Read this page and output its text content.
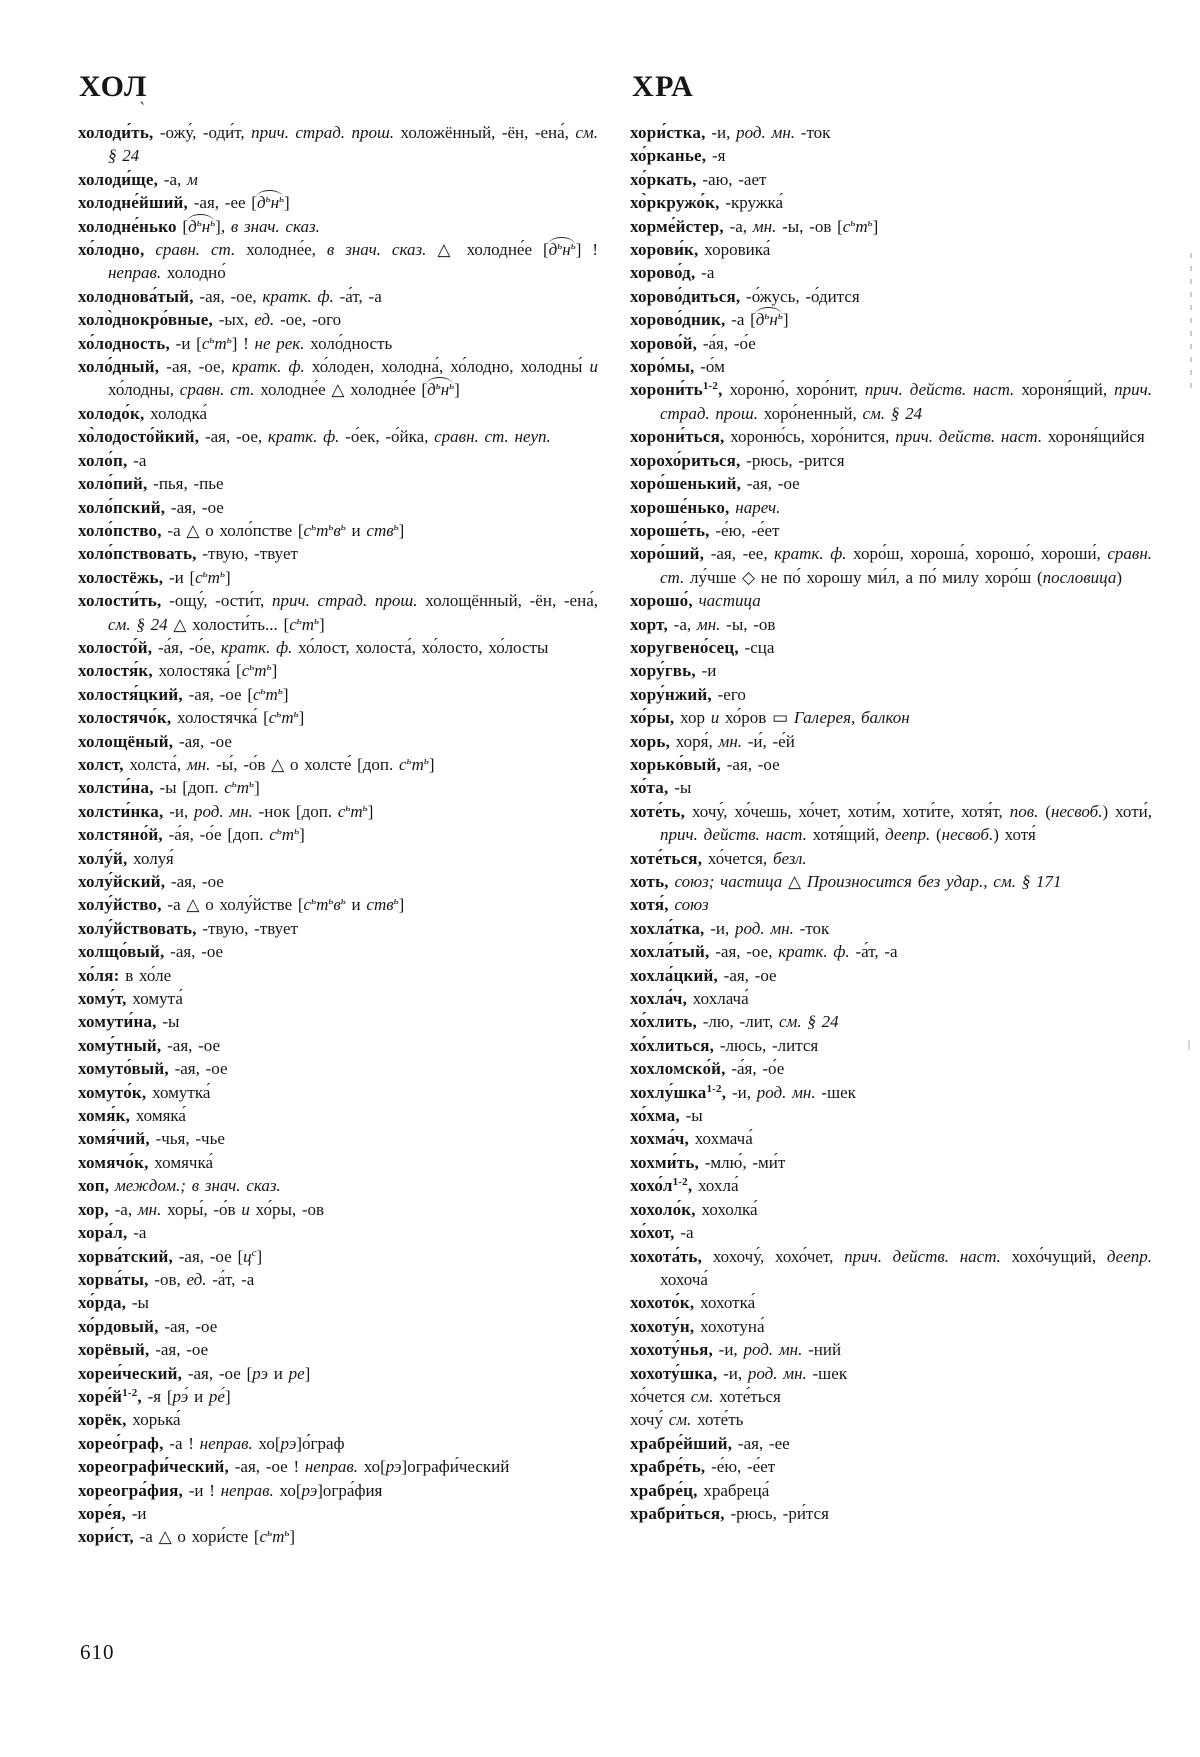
ХОЛ	ХРА
`

холоди́ть, -ожу́, -оди́т, прич. страд. прош. холожённый, -ён, -ена́, см. § 24

холоди́ще, -а, м

холодне́йший, -ая, -ее $[д^ьн^ь]$

холодне́нько $[д^ьн^ь]$, в знач. сказ.

хо́лодно, сравн. ст. холодне́е, в знач. сказ. △ холодне́е $[д^ьн^ь]$ ! неправ. холодно́

холоднова́тый, -ая, -ое, кратк. ф. -а́т, -а

холо̀днокро́вные, -ых, ед. -ое, -ого

хо́лодность, -и $[с^ьт^ь]$ ! не рек. холо́дность

холо́дный, -ая, -ое, кратк. ф. хо́лоден, холодна́, хо́лодно, холодны́ и хо́лодны, сравн. ст. холодне́е △ холодне́е $[д^ьн^ь]$

холодо́к, холодка́

хо̀лодосто́йкий, -ая, -ое, кратк. ф. -о́ек, -о́йка, сравн. ст. неуп.

холо́п, -а

холо́пий, -пья, -пье

холо́пский, -ая, -ое

холо́пство, -а △ о холо́пстве [$с^ьт^ьв^ь$ и ств$^ь$]

холо́пствовать, -твую, -твует

холостёжь, -и $[с^ьт^ь]$

холости́ть, -ощу́, -ости́т, прич. страд. прош. холощённый, -ён, -ена́, см. § 24 △ холости́ть... $[с^ьт^ь]$

холосто́й, -а́я, -о́е, кратк. ф. хо́лост, холоста́, хо́лосто, хо́лосты

холостя́к, холостяка́ $[с^ьт^ь]$

холостя́цкий, -ая, -ое $[с^ьт^ь]$

холостячо́к, холостячка́ $[с^ьт^ь]$

холощёный, -ая, -ое

холст, холста́, мн. -ы́, -о́в △ о холсте́ [доп. $с^ьт^ь$]

холсти́на, -ы [доп. $с^ьт^ь$]

холсти́нка, -и, род. мн. -нок [доп. $с^ьт^ь$]

холстяно́й, -а́я, -о́е [доп. $с^ьт^ь$]

холу́й, холуя́

холу́йский, -ая, -ое

холу́йство, -а △ о холу́йстве [$с^ьт^ьв^ь$ и ств$^ь$]

холу́йствовать, -твую, -твует

холщо́вый, -ая, -ое

хо́ля: в хо́ле

хому́т, хомута́

хомути́на, -ы

хому́тный, -ая, -ое

хомуто́вый, -ая, -ое

хомуто́к, хомутка́

хомя́к, хомяка́

хомя́чий, -чья, -чье

хомячо́к, хомячка́

хоп, междом.; в знач. сказ.

хор, -а, мн. хоры́, -о́в и хо́ры, -ов

хора́л, -а

хорва́тский, -ая, -ое $[ц^с]$

хорва́ты, -ов, ед. -а́т, -а

хо́рда, -ы

хо́рдовый, -ая, -ое

хорёвый, -ая, -ое

хореи́ческий, -ая, -ое [рэ и ре]

$хоре́й^{1-2}$, -я [рэ́ и ре́]

хорёк, хорька́

хорео́граф, -а ! неправ. хо[рэ]о́граф

хореографи́ческий, -ая, -ое ! неправ. хо[рэ]ографи́ческий

хореогра́фия, -и ! неправ. хо[рэ]огра́фия

хоре́я, -и

хори́ст, -а △ о хори́сте $[с^ьт^ь]$

хори́стка, -и, род. мн. -ток

хо́рканье, -я

хо́ркать, -аю, -ает

хо̀ркружо́к, -кружка́

хорме́йстер, -а, мн. -ы, -ов $[с^ьт^ь]$

хорови́к, хоровика́

хорово́д, -а

хорово́диться, -о́жусь, -о́дится

хорово́дник, -а $[д^ьн^ь]$

хорово́й, -а́я, -о́е

хоро́мы, -о́м

$хорони́ть^{1-2}$, хороню́, хоро́нит, прич. действ. наст. хороня́щий, прич. страд. прош. хоро́ненный, см. § 24

хорони́ться, хороню́сь, хоро́нится, прич. действ. наст. хороня́щийся

хорохо́риться, -рюсь, -рится

хоро́шенький, -ая, -ое

хороше́нько, нареч.

хороше́ть, -е́ю, -е́ет

хоро́ший, -ая, -ее, кратк. ф. хоро́ш, хороша́, хорошо́, хороши́, сравн. ст. лу́чше ◇ не по́ хорошу ми́л, а по́ милу хоро́ш (пословица)

хорошо́, частица

хорт, -а, мн. -ы, -ов

хоругвено́сец, -сца

хору́гвь, -и

хору́нжий, -его

хо́ры, хор и хо́ров ▭ Галерея, балкон

хорь, хоря́, мн. -и́, -е́й

хорько́вый, -ая, -ое

хо́та, -ы

хоте́ть, хочу́, хо́чешь, хо́чет, хоти́м, хоти́те, хотя́т, пов. (несвоб.) хоти́, прич. действ. наст. хотя́щий, деепр. (несвоб.) хотя́

хоте́ться, хо́чется, безл.

хоть, союз; частица △ Произносится без удар., см. § 171

хотя́, союз

хохла́тка, -и, род. мн. -ток

хохла́тый, -ая, -ое, кратк. ф. -а́т, -а

хохла́цкий, -ая, -ое

хохла́ч, хохлача́

хо́хлить, -лю, -лит, см. § 24

хо́хлиться, -люсь, -лится

хохломско́й, -а́я, -о́е

хохлу́шка$^{1-2}$, -и, род. мн. -шек

хо́хма, -ы

хохма́ч, хохмача́

хохми́ть, -млю́, -ми́т

$хохо́л^{1-2}$, хохла́

хохоло́к, хохолка́

хо́хот, -а

хохота́ть, хохочу́, хохо́чет, прич. действ. наст. хохо́чущий, деепр. хохоча́

хохото́к, хохотка́

хохоту́н, хохотуна́

хохоту́нья, -и, род. мн. -ний

хохоту́шка, -и, род. мн. -шек

хо́чется см. хоте́ться

хочу́ см. хоте́ть

храбре́йший, -ая, -ее

храбре́ть, -е́ю, -е́ет

храбре́ц, храбреца́

храбри́ться, -рюсь, -ри́тся

610
